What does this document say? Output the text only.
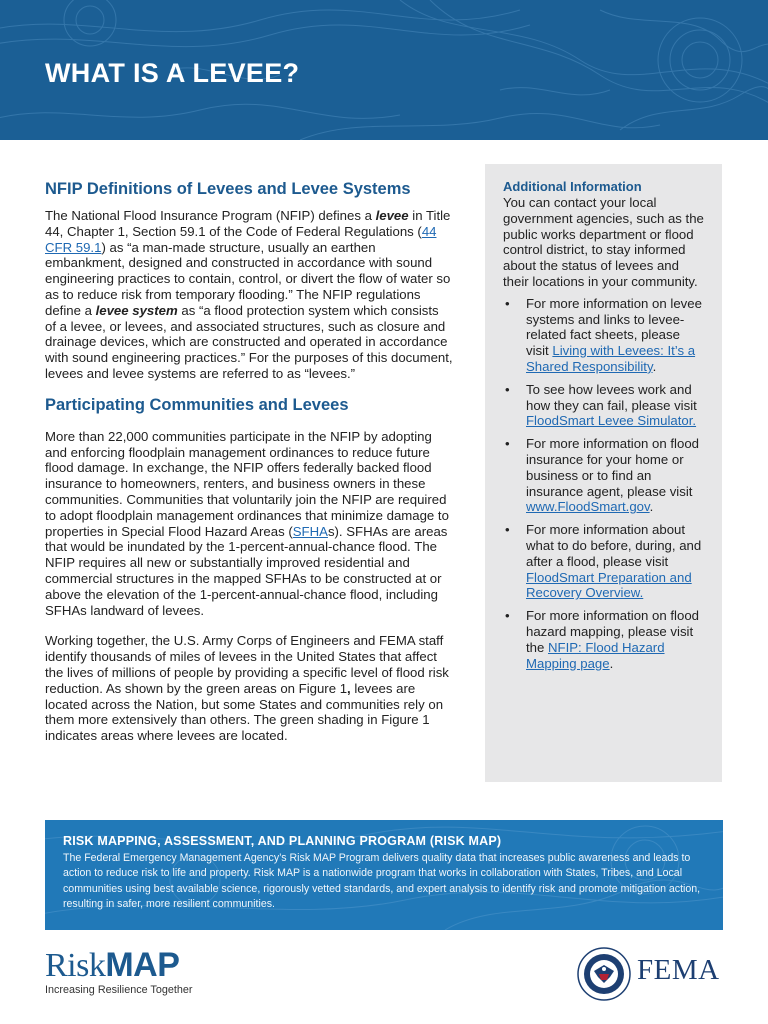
WHAT IS A LEVEE?
NFIP Definitions of Levees and Levee Systems

The National Flood Insurance Program (NFIP) defines a levee in Title 44, Chapter 1, Section 59.1 of the Code of Federal Regulations (44 CFR 59.1) as “a man-made structure, usually an earthen embankment, designed and constructed in accordance with sound engineering practices to contain, control, or divert the flow of water so as to reduce risk from temporary flooding.” The NFIP regulations define a levee system as “a flood protection system which consists of a levee, or levees, and associated structures, such as closure and drainage devices, which are constructed and operated in accordance with sound engineering practices.” For the purposes of this document, levees and levee systems are referred to as “levees.”

Participating Communities and Levees

More than 22,000 communities participate in the NFIP by adopting and enforcing floodplain management ordinances to reduce future flood damage. In exchange, the NFIP offers federally backed flood insurance to homeowners, renters, and business owners in these communities. Communities that voluntarily join the NFIP are required to adopt floodplain management ordinances that minimize damage to properties in Special Flood Hazard Areas (SFHAs). SFHAs are areas that would be inundated by the 1-percent-annual-chance flood. The NFIP requires all new or substantially improved residential and commercial structures in the mapped SFHAs to be constructed at or above the elevation of the 1-percent-annual-chance flood, including SFHAs landward of levees.

Working together, the U.S. Army Corps of Engineers and FEMA staff identify thousands of miles of levees in the United States that affect the lives of millions of people by providing a specific level of flood risk reduction. As shown by the green areas on Figure 1, levees are located across the Nation, but some States and communities rely on them more extensively than others. The green shading in Figure 1 indicates areas where levees are located.

Additional Information

You can contact your local government agencies, such as the public works department or flood control district, to stay informed about the status of levees and their locations in your community.

• For more information on levee systems and links to levee-related fact sheets, please visit Living with Levees: It’s a Shared Responsibility.
• To see how levees work and how they can fail, please visit FloodSmart Levee Simulator.
• For more information on flood insurance for your home or business or to find an insurance agent, please visit www.FloodSmart.gov.
• For more information about what to do before, during, and after a flood, please visit FloodSmart Preparation and Recovery Overview.
• For more information on flood hazard mapping, please visit the NFIP: Flood Hazard Mapping page.
RISK MAPPING, ASSESSMENT, AND PLANNING PROGRAM (RISK MAP)

The Federal Emergency Management Agency’s Risk MAP Program delivers quality data that increases public awareness and leads to action to reduce risk to life and property. Risk MAP is a nationwide program that works in collaboration with States, Tribes, and Local communities using best available science, rigorously vetted standards, and expert analysis to identify risk and promote mitigation action, resulting in safer, more resilient communities.

RiskMAP
Increasing Resilience Together
FEMA
